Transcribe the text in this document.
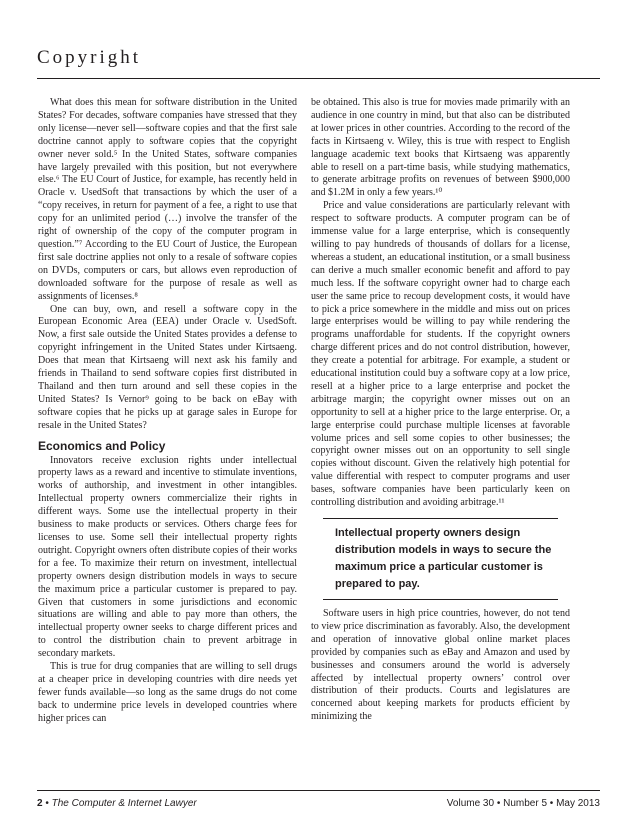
Copyright

What does this mean for software distribution in the United States? For decades, software companies have stressed that they only license—never sell—software copies and that the first sale doctrine cannot apply to software copies that the copyright owner never sold.⁵ In the United States, software companies have largely prevailed with this position, but not everywhere else.⁶ The EU Court of Justice, for example, has recently held in Oracle v. UsedSoft that transactions by which the user of a “copy receives, in return for payment of a fee, a right to use that copy for an unlimited period (…) involve the transfer of the right of ownership of the copy of the computer program in question.”⁷ According to the EU Court of Justice, the European first sale doctrine applies not only to a resale of software copies on DVDs, computers or cars, but allows even reproduction of downloaded software for the purpose of resale as well as assignments of licenses.⁸

One can buy, own, and resell a software copy in the European Economic Area (EEA) under Oracle v. UsedSoft. Now, a first sale outside the United States provides a defense to copyright infringement in the United States under Kirtsaeng. Does that mean that Kirtsaeng will next ask his family and friends in Thailand to send software copies first distributed in Thailand and then turn around and sell these copies in the United States? Is Vernor⁹ going to be back on eBay with software copies that he picks up at garage sales in Europe for resale in the United States?

Economics and Policy

Innovators receive exclusion rights under intellectual property laws as a reward and incentive to stimulate inventions, works of authorship, and investment in other intangibles. Intellectual property owners commercialize their rights in different ways. Some use the intellectual property in their business to make products or services. Others charge fees for licenses to use. Some sell their intellectual property rights outright. Copyright owners often distribute copies of their works for a fee. To maximize their return on investment, intellectual property owners design distribution models in ways to secure the maximum price a particular customer is prepared to pay. Given that customers in some jurisdictions and economic situations are willing and able to pay more than others, the intellectual property owner seeks to charge different prices and to control the distribution chain to prevent arbitrage in secondary markets.

This is true for drug companies that are willing to sell drugs at a cheaper price in developing countries with dire needs yet fewer funds available—so long as the same drugs do not come back to undermine price levels in developed countries where higher prices can

be obtained. This also is true for movies made primarily with an audience in one country in mind, but that also can be distributed at lower prices in other countries. According to the record of the facts in Kirtsaeng v. Wiley, this is true with respect to English language academic text books that Kirtsaeng was apparently able to resell on a part-time basis, while studying mathematics, to generate arbitrage profits on revenues of between $900,000 and $1.2M in only a few years.¹⁰

Price and value considerations are particularly relevant with respect to software products. A computer program can be of immense value for a large enterprise, which is consequently willing to pay hundreds of thousands of dollars for a license, whereas a student, an educational institution, or a small business can derive a much smaller economic benefit and afford to pay much less. If the software copyright owner had to charge each user the same price to recoup development costs, it would have to pick a price somewhere in the middle and miss out on prices large enterprises would be willing to pay while rendering the programs unaffordable for students. If the copyright owners charge different prices and do not control distribution, however, they create a potential for arbitrage. For example, a student or educational institution could buy a software copy at a low price, resell at a higher price to a large enterprise and pocket the arbitrage margin; the copyright owner misses out on an opportunity to sell at a higher price to the large enterprise. Or, a large enterprise could purchase multiple licenses at favorable volume prices and sell some copies to other businesses; the copyright owner misses out on an opportunity to sell single copies without discount. Given the relatively high potential for value differential with respect to computer programs and user bases, software companies have been particularly keen on controlling distribution and avoiding arbitrage.¹¹

Intellectual property owners design distribution models in ways to secure the maximum price a particular customer is prepared to pay.

Software users in high price countries, however, do not tend to view price discrimination as favorably. Also, the development and operation of innovative global online market places provided by companies such as eBay and Amazon and used by businesses and consumers around the world is adversely affected by intellectual property owners’ control over distribution of their products. Courts and legislatures are concerned about keeping markets for products efficient by minimizing the

2 • The Computer & Internet Lawyer	Volume 30 • Number 5 • May 2013
